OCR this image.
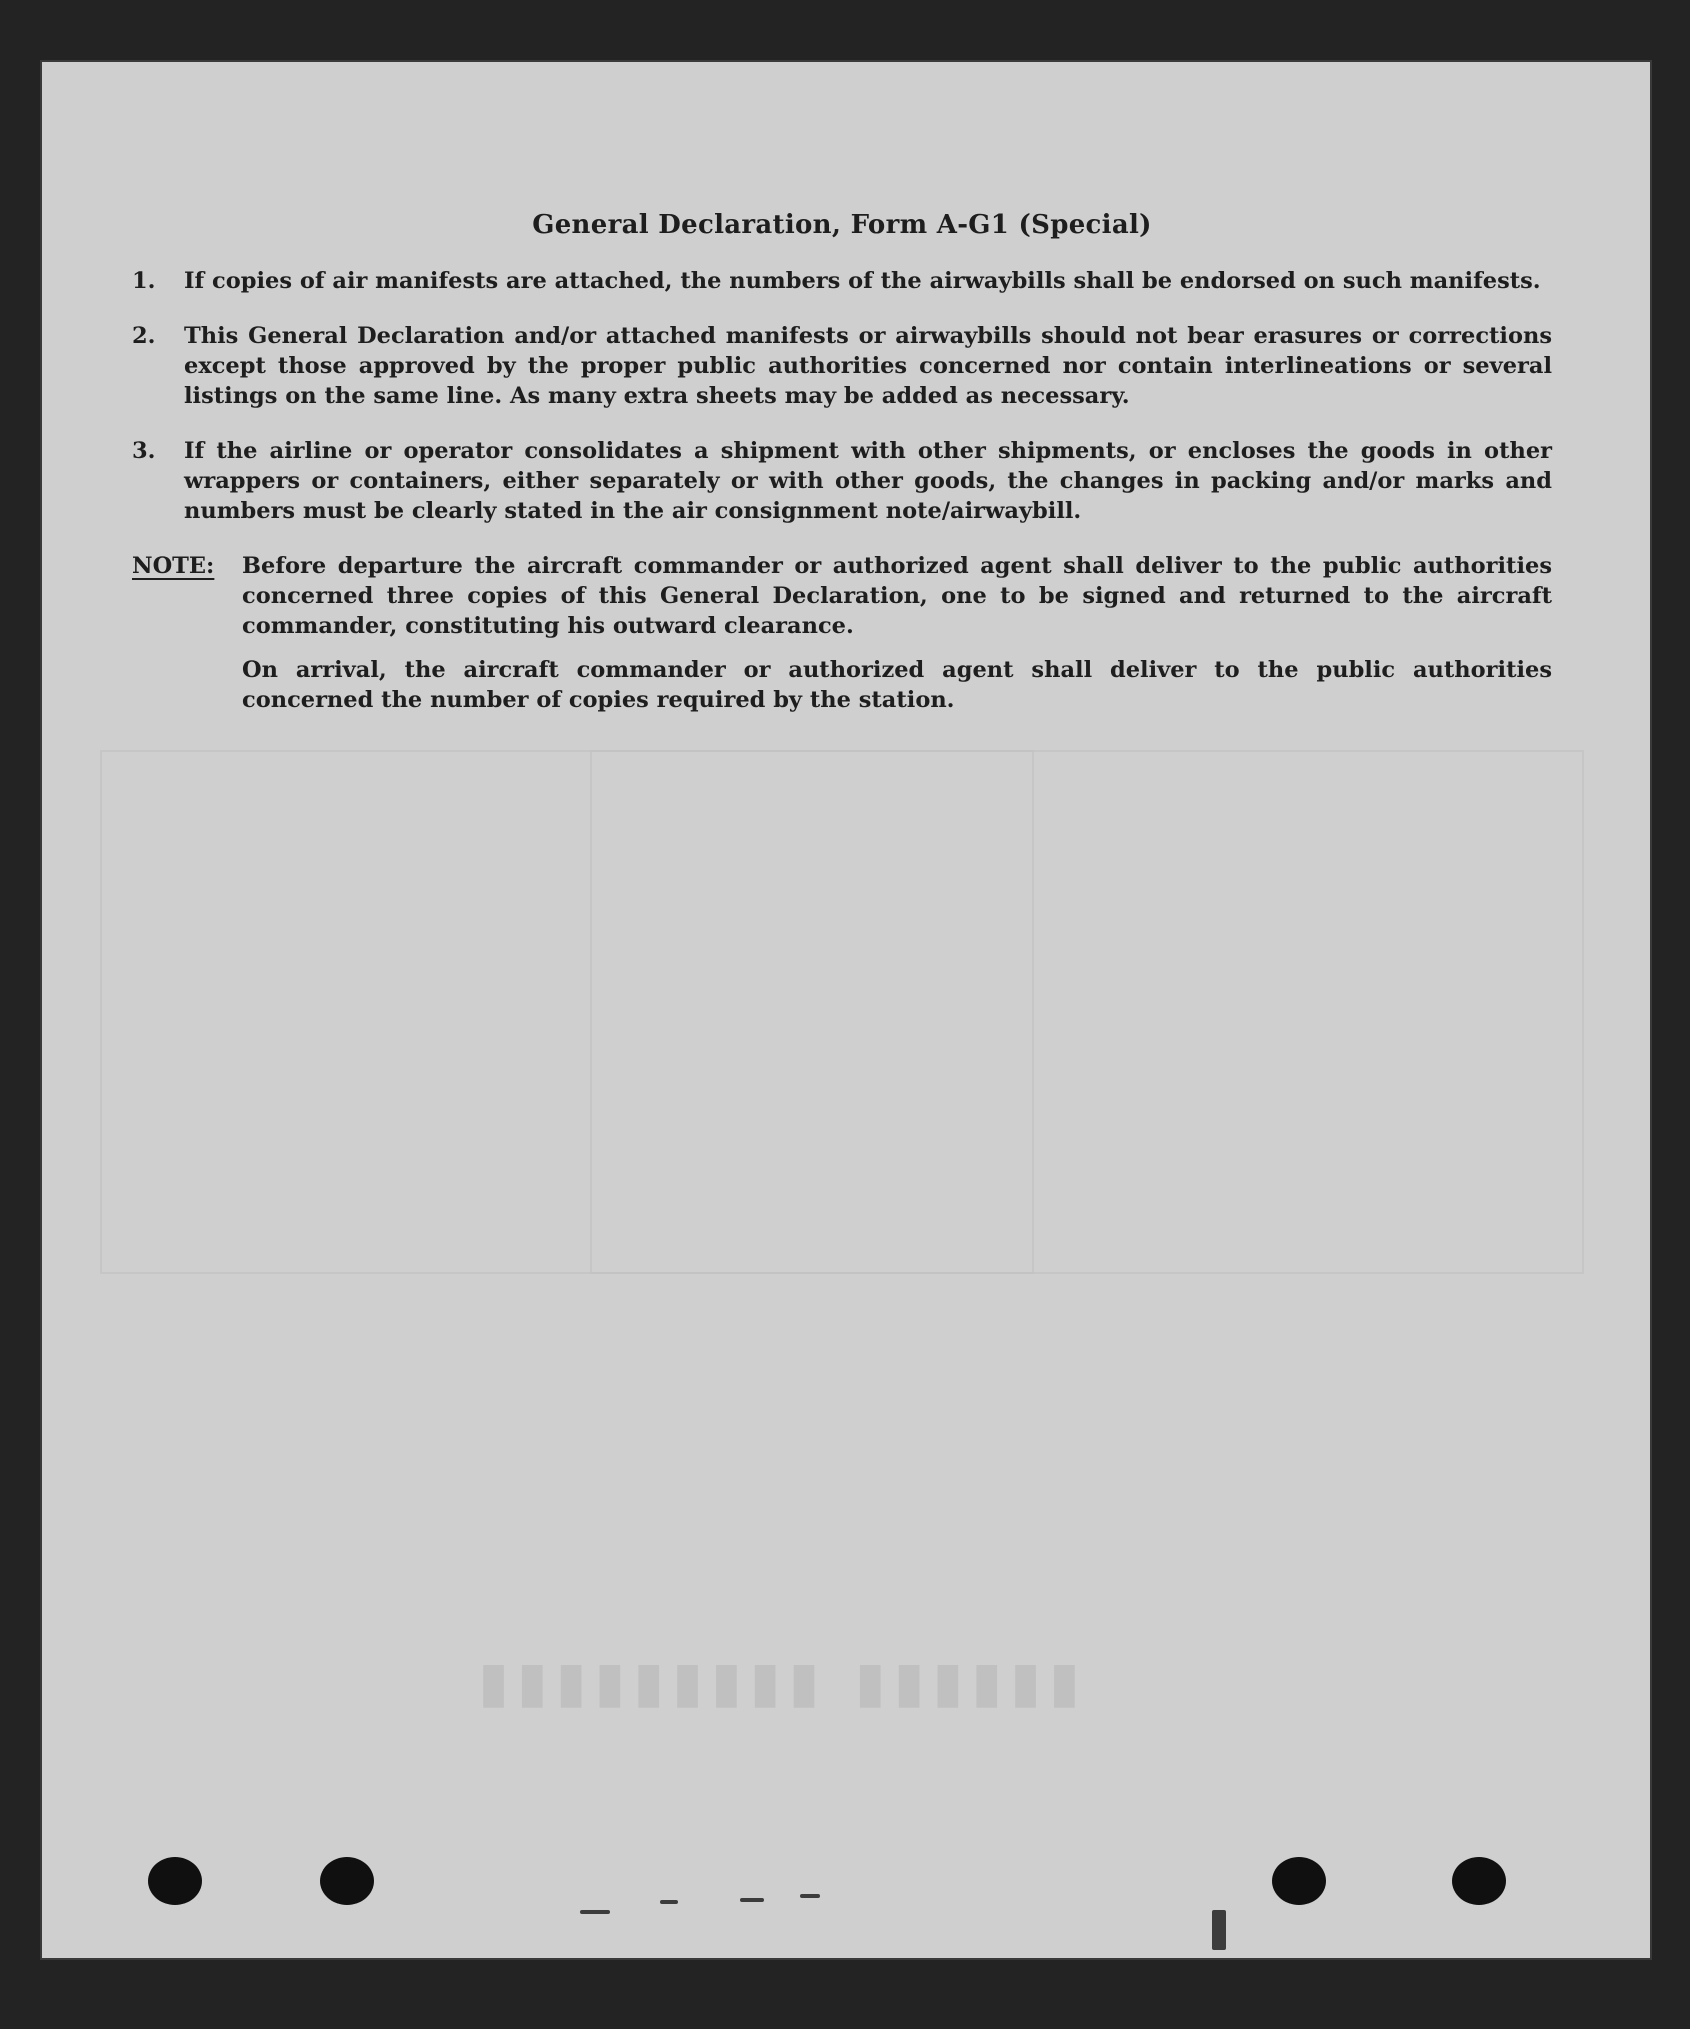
▮▮▮▮▮▮ ▮▮▮▮▮▮▮▮▮
General Declaration, Form A-G1 (Special)
1.	If copies of air manifests are attached, the numbers of the airwaybills shall be endorsed on such manifests.
2.	This General Declaration and/or attached manifests or airwaybills should not bear erasures or corrections except those approved by the proper public authorities concerned nor contain interlineations or several listings on the same line. As many extra sheets may be added as necessary.
3.	If the airline or operator consolidates a shipment with other shipments, or encloses the goods in other wrappers or containers, either separately or with other goods, the changes in packing and/or marks and numbers must be clearly stated in the air consignment note/airwaybill.
NOTE:	Before departure the aircraft commander or authorized agent shall deliver to the public authorities concerned three copies of this General Declaration, one to be signed and returned to the aircraft commander, constituting his outward clearance.
On arrival, the aircraft commander or authorized agent shall deliver to the public authorities concerned the number of copies required by the station.
